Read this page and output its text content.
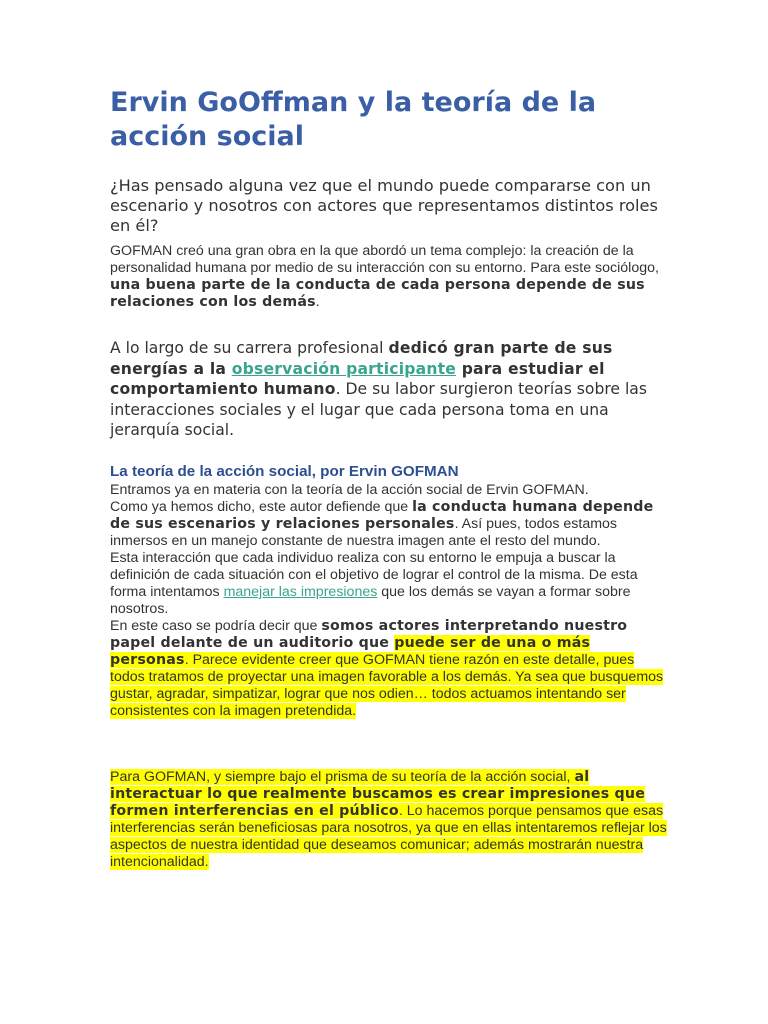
Ervin GoOffman y la teoría de la acción social

¿Has pensado alguna vez que el mundo puede compararse con un escenario y nosotros con actores que representamos distintos roles en él?

GOFMAN creó una gran obra en la que abordó un tema complejo: la creación de la personalidad humana por medio de su interacción con su entorno. Para este sociólogo, una buena parte de la conducta de cada persona depende de sus relaciones con los demás.

A lo largo de su carrera profesional dedicó gran parte de sus energías a la observación participante para estudiar el comportamiento humano. De su labor surgieron teorías sobre las interacciones sociales y el lugar que cada persona toma en una jerarquía social.

La teoría de la acción social, por Ervin GOFMAN
Entramos ya en materia con la teoría de la acción social de Ervin GOFMAN.
Como ya hemos dicho, este autor defiende que la conducta humana depende de sus escenarios y relaciones personales. Así pues, todos estamos inmersos en un manejo constante de nuestra imagen ante el resto del mundo.
Esta interacción que cada individuo realiza con su entorno le empuja a buscar la definición de cada situación con el objetivo de lograr el control de la misma. De esta forma intentamos manejar las impresiones que los demás se vayan a formar sobre nosotros.
En este caso se podría decir que somos actores interpretando nuestro papel delante de un auditorio que puede ser de una o más personas. Parece evidente creer que GOFMAN tiene razón en este detalle, pues todos tratamos de proyectar una imagen favorable a los demás. Ya sea que busquemos gustar, agradar, simpatizar, lograr que nos odien… todos actuamos intentando ser consistentes con la imagen pretendida.

Para GOFMAN, y siempre bajo el prisma de su teoría de la acción social, al interactuar lo que realmente buscamos es crear impresiones que formen interferencias en el público. Lo hacemos porque pensamos que esas interferencias serán beneficiosas para nosotros, ya que en ellas intentaremos reflejar los aspectos de nuestra identidad que deseamos comunicar; además mostrarán nuestra intencionalidad.
